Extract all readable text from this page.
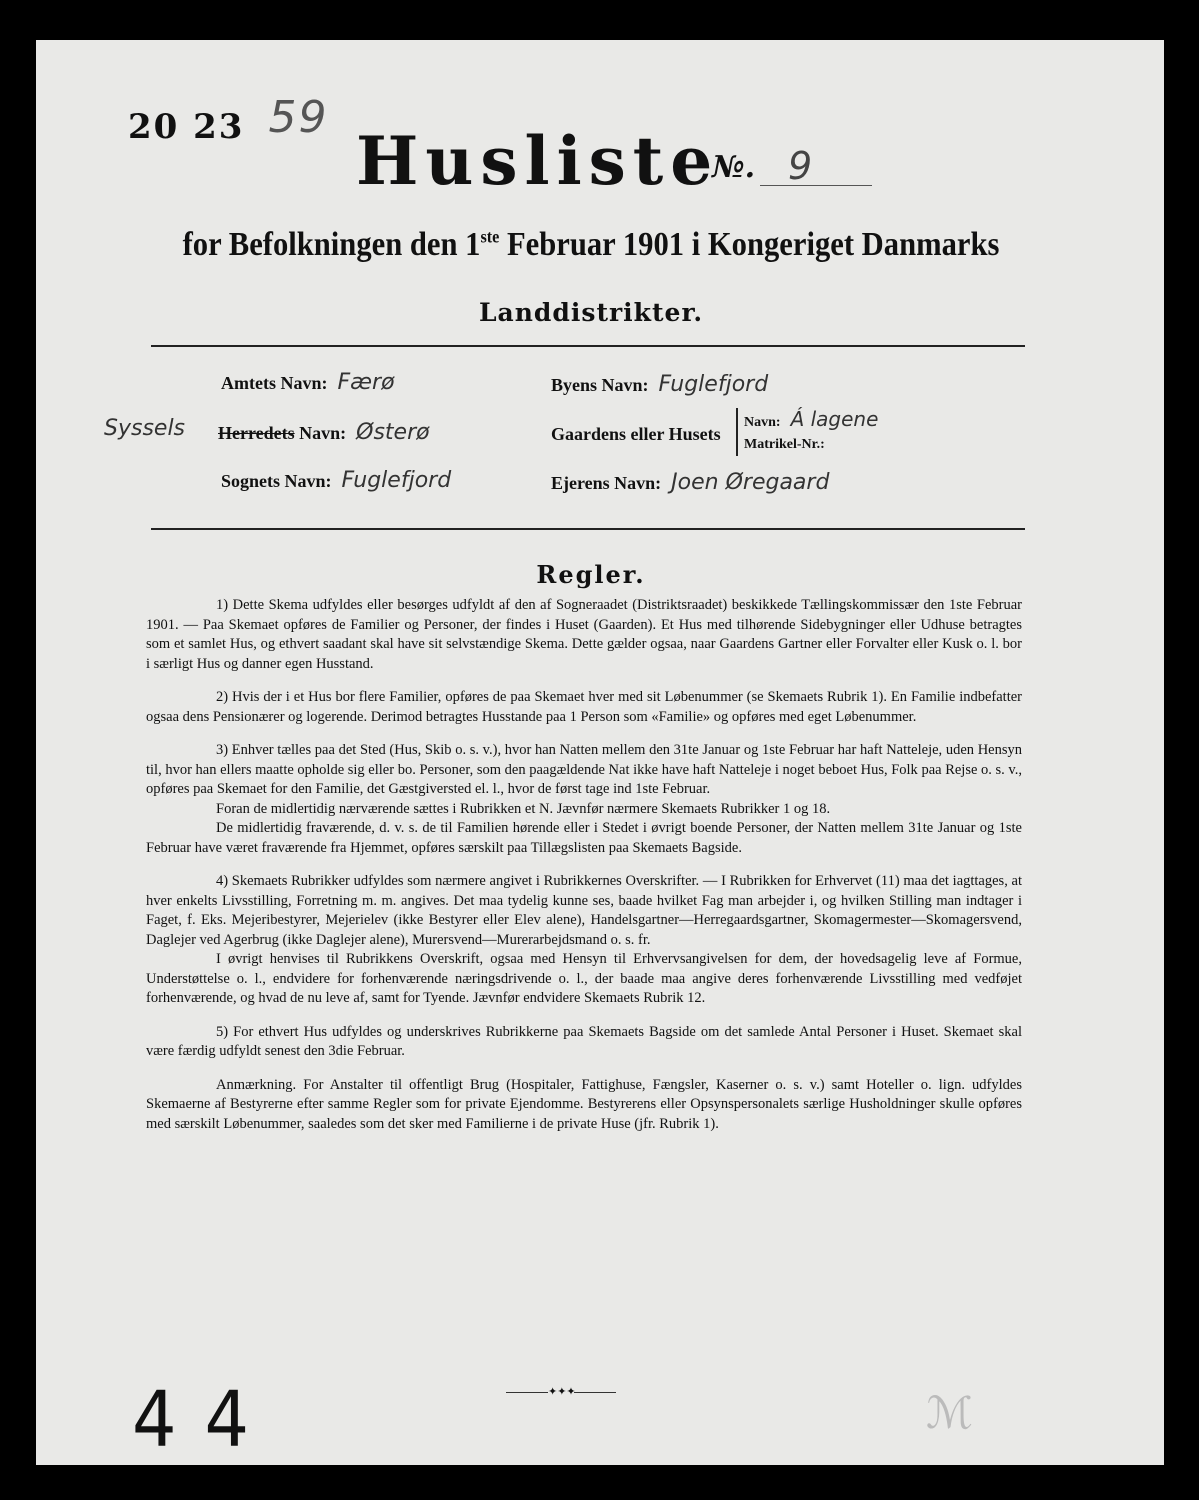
20 23 59
Husliste
№. 9
for Befolkningen den 1ste Februar 1901 i Kongeriget Danmarks
Landdistrikter.
Amtets Navn: Færø
Syssels Herredets Navn: Østerø
Sognets Navn: Fuglefjord
Byens Navn: Fuglefjord
Gaardens eller Husets
Navn: Á lagene
Matrikel-Nr.:
Ejerens Navn: Joen Øregaard
Regler.

1) Dette Skema udfyldes eller besørges udfyldt af den af Sogneraadet (Distriktsraadet) beskikkede Tællingskommissær den 1ste Februar 1901. — Paa Skemaet opføres de Familier og Personer, der findes i Huset (Gaarden). Et Hus med tilhørende Sidebygninger eller Udhuse betragtes som et samlet Hus, og ethvert saadant skal have sit selvstændige Skema. Dette gælder ogsaa, naar Gaardens Gartner eller Forvalter eller Kusk o. l. bor i særligt Hus og danner egen Husstand.

2) Hvis der i et Hus bor flere Familier, opføres de paa Skemaet hver med sit Løbenummer (se Skemaets Rubrik 1). En Familie indbefatter ogsaa dens Pensionærer og logerende. Derimod betragtes Husstande paa 1 Person som «Familie» og opføres med eget Løbenummer.

3) Enhver tælles paa det Sted (Hus, Skib o. s. v.), hvor han Natten mellem den 31te Januar og 1ste Februar har haft Natteleje, uden Hensyn til, hvor han ellers maatte opholde sig eller bo. Personer, som den paagældende Nat ikke have haft Natteleje i noget beboet Hus, Folk paa Rejse o. s. v., opføres paa Skemaet for den Familie, det Gæstgiversted el. l., hvor de først tage ind 1ste Februar.

Foran de midlertidig nærværende sættes i Rubrikken et N. Jævnfør nærmere Skemaets Rubrikker 1 og 18.

De midlertidig fraværende, d. v. s. de til Familien hørende eller i Stedet i øvrigt boende Personer, der Natten mellem 31te Januar og 1ste Februar have været fraværende fra Hjemmet, opføres særskilt paa Tillægslisten paa Skemaets Bagside.

4) Skemaets Rubrikker udfyldes som nærmere angivet i Rubrikkernes Overskrifter. — I Rubrikken for Erhvervet (11) maa det iagttages, at hver enkelts Livsstilling, Forretning m. m. angives. Det maa tydelig kunne ses, baade hvilket Fag man arbejder i, og hvilken Stilling man indtager i Faget, f. Eks. Mejeribestyrer, Mejerielev (ikke Bestyrer eller Elev alene), Handelsgartner—Herregaardsgartner, Skomagermester—Skomagersvend, Daglejer ved Agerbrug (ikke Daglejer alene), Murersvend—Murerarbejdsmand o. s. fr.

I øvrigt henvises til Rubrikkens Overskrift, ogsaa med Hensyn til Erhvervsangivelsen for dem, der hovedsagelig leve af Formue, Understøttelse o. l., endvidere for forhenværende næringsdrivende o. l., der baade maa angive deres forhenværende Livsstilling med vedføjet forhenværende, og hvad de nu leve af, samt for Tyende. Jævnfør endvidere Skemaets Rubrik 12.

5) For ethvert Hus udfyldes og underskrives Rubrikkerne paa Skemaets Bagside om det samlede Antal Personer i Huset. Skemaet skal være færdig udfyldt senest den 3die Februar.

Anmærkning. For Anstalter til offentligt Brug (Hospitaler, Fattighuse, Fængsler, Kaserner o. s. v.) samt Hoteller o. lign. udfyldes Skemaerne af Bestyrerne efter samme Regler som for private Ejendomme. Bestyrerens eller Opsynspersonalets særlige Husholdninger skulle opføres med særskilt Løbenummer, saaledes som det sker med Familierne i de private Huse (jfr. Rubrik 1).

✦✦✦
44	ℳ
